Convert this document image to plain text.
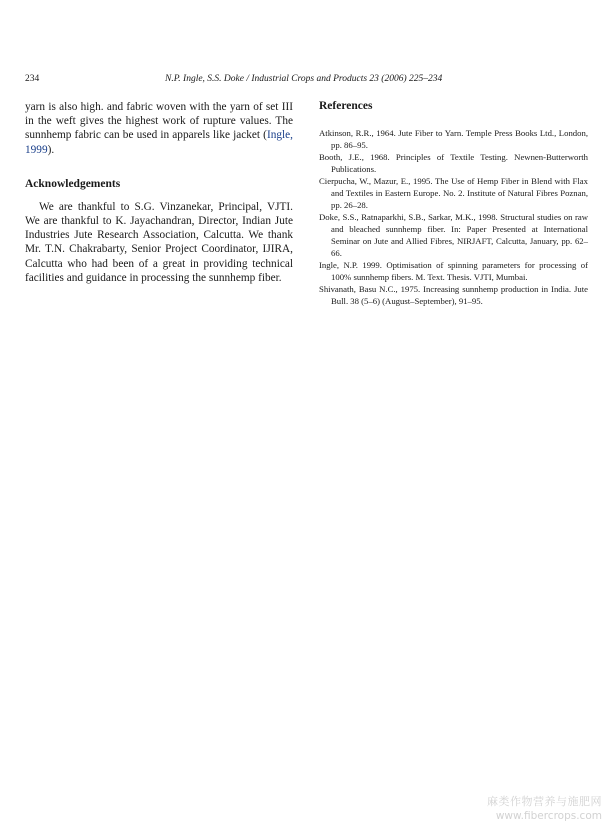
234	N.P. Ingle, S.S. Doke / Industrial Crops and Products 23 (2006) 225–234

yarn is also high. and fabric woven with the yarn of set III in the weft gives the highest work of rupture values. The sunnhemp fabric can be used in apparels like jacket (Ingle, 1999).

Acknowledgements

We are thankful to S.G. Vinzanekar, Principal, VJTI. We are thankful to K. Jayachandran, Director, Indian Jute Industries Jute Research Association, Calcutta. We thank Mr. T.N. Chakrabarty, Senior Project Coordinator, IJIRA, Calcutta who had been of a great in providing technical facilities and guidance in processing the sunnhemp fiber.

References
Atkinson, R.R., 1964. Jute Fiber to Yarn. Temple Press Books Ltd., London, pp. 86–95.
Booth, J.E., 1968. Principles of Textile Testing. Newnen-Butterworth Publications.
Cierpucha, W., Mazur, E., 1995. The Use of Hemp Fiber in Blend with Flax and Textiles in Eastern Europe. No. 2. Institute of Natural Fibres Poznan, pp. 26–28.
Doke, S.S., Ratnaparkhi, S.B., Sarkar, M.K., 1998. Structural studies on raw and bleached sunnhemp fiber. In: Paper Presented at International Seminar on Jute and Allied Fibres, NIRJAFT, Calcutta, January, pp. 62–66.
Ingle, N.P. 1999. Optimisation of spinning parameters for processing of 100% sunnhemp fibers. M. Text. Thesis. VJTI, Mumbai.
Shivanath, Basu N.C., 1975. Increasing sunnhemp production in India. Jute Bull. 38 (5–6) (August–September), 91–95.
麻类作物营养与施肥网
www.fibercrops.com
